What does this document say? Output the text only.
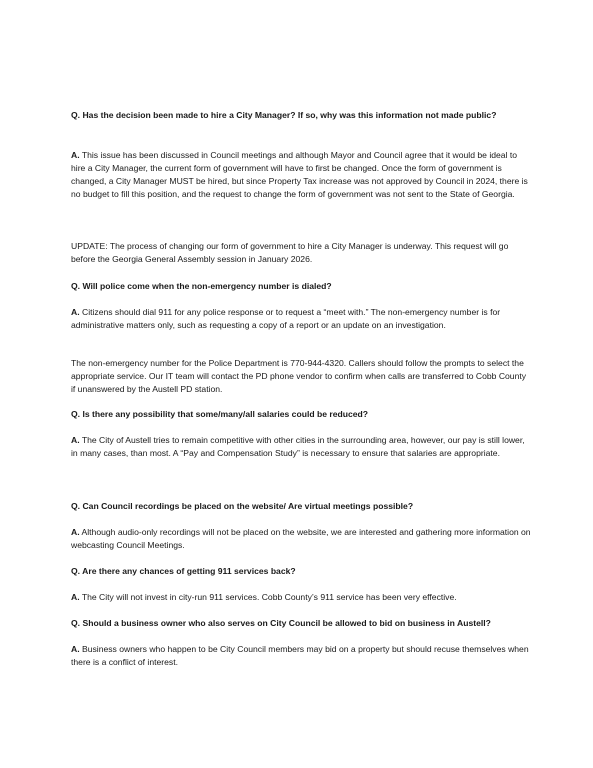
Q. Has the decision been made to hire a City Manager? If so, why was this information not made public?

A. This issue has been discussed in Council meetings and although Mayor and Council agree that it would be ideal to hire a City Manager, the current form of government will have to first be changed. Once the form of government is changed, a City Manager MUST be hired, but since Property Tax increase was not approved by Council in 2024, there is no budget to fill this position, and the request to change the form of government was not sent to the State of Georgia.

UPDATE: The process of changing our form of government to hire a City Manager is underway. This request will go before the Georgia General Assembly session in January 2026.

Q. Will police come when the non-emergency number is dialed?

A. Citizens should dial 911 for any police response or to request a “meet with.” The non-emergency number is for administrative matters only, such as requesting a copy of a report or an update on an investigation.

The non-emergency number for the Police Department is 770-944-4320. Callers should follow the prompts to select the appropriate service. Our IT team will contact the PD phone vendor to confirm when calls are transferred to Cobb County if unanswered by the Austell PD station.

Q. Is there any possibility that some/many/all salaries could be reduced?

A. The City of Austell tries to remain competitive with other cities in the surrounding area, however, our pay is still lower, in many cases, than most. A “Pay and Compensation Study” is necessary to ensure that salaries are appropriate.

Q. Can Council recordings be placed on the website/ Are virtual meetings possible?

A. Although audio-only recordings will not be placed on the website, we are interested and gathering more information on webcasting Council Meetings.

Q. Are there any chances of getting 911 services back?

A. The City will not invest in city-run 911 services. Cobb County’s 911 service has been very effective.

Q. Should a business owner who also serves on City Council be allowed to bid on business in Austell?

A. Business owners who happen to be City Council members may bid on a property but should recuse themselves when there is a conflict of interest.
